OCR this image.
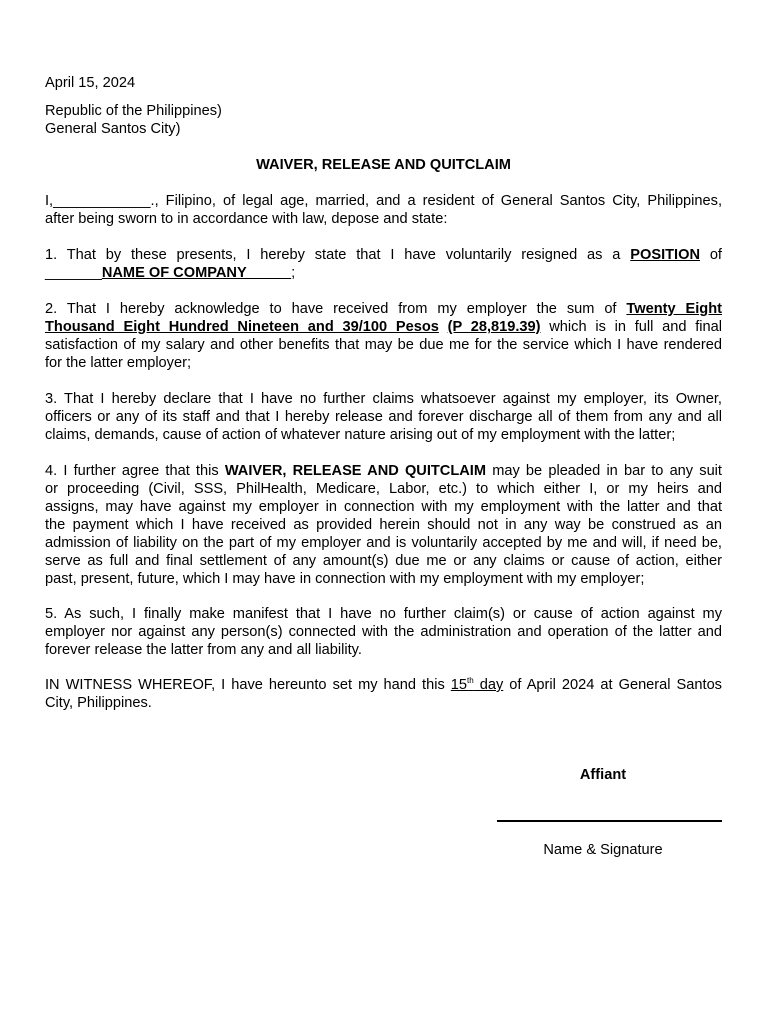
April 15, 2024
Republic of the Philippines)
General Santos City)
WAIVER, RELEASE AND QUITCLAIM
I,____________., Filipino, of legal age, married, and a resident of General Santos City, Philippines,
after being sworn to in accordance with law, depose and state:
1. That by these presents, I hereby state that I have voluntarily resigned as a POSITION of
_______NAME OF COMPANY _____;
2. That I hereby acknowledge to have received from my employer the sum of Twenty Eight
Thousand Eight Hundred Nineteen and 39/100 Pesos (P 28,819.39) which is in full and final
satisfaction of my salary and other benefits that may be due me for the service which I have rendered
for the latter employer;
3. That I hereby declare that I have no further claims whatsoever against my employer, its Owner,
officers or any of its staff and that I hereby release and forever discharge all of them from any and all
claims, demands, cause of action of whatever nature arising out of my employment with the latter;
4. I further agree that this WAIVER, RELEASE AND QUITCLAIM may be pleaded in bar to any suit
or proceeding (Civil, SSS, PhilHealth, Medicare, Labor, etc.) to which either I, or my heirs and
assigns, may have against my employer in connection with my employment with the latter and that
the payment which I have received as provided herein should not in any way be construed as an
admission of liability on the part of my employer and is voluntarily accepted by me and will, if need be,
serve as full and final settlement of any amount(s) due me or any claims or cause of action, either
past, present, future, which I may have in connection with my employment with my employer;
5. As such, I finally make manifest that I have no further claim(s) or cause of action against my
employer nor against any person(s) connected with the administration and operation of the latter and
forever release the latter from any and all liability.
IN WITNESS WHEREOF, I have hereunto set my hand this 15th day of April 2024 at General Santos
City, Philippines.
Affiant
Name & Signature
